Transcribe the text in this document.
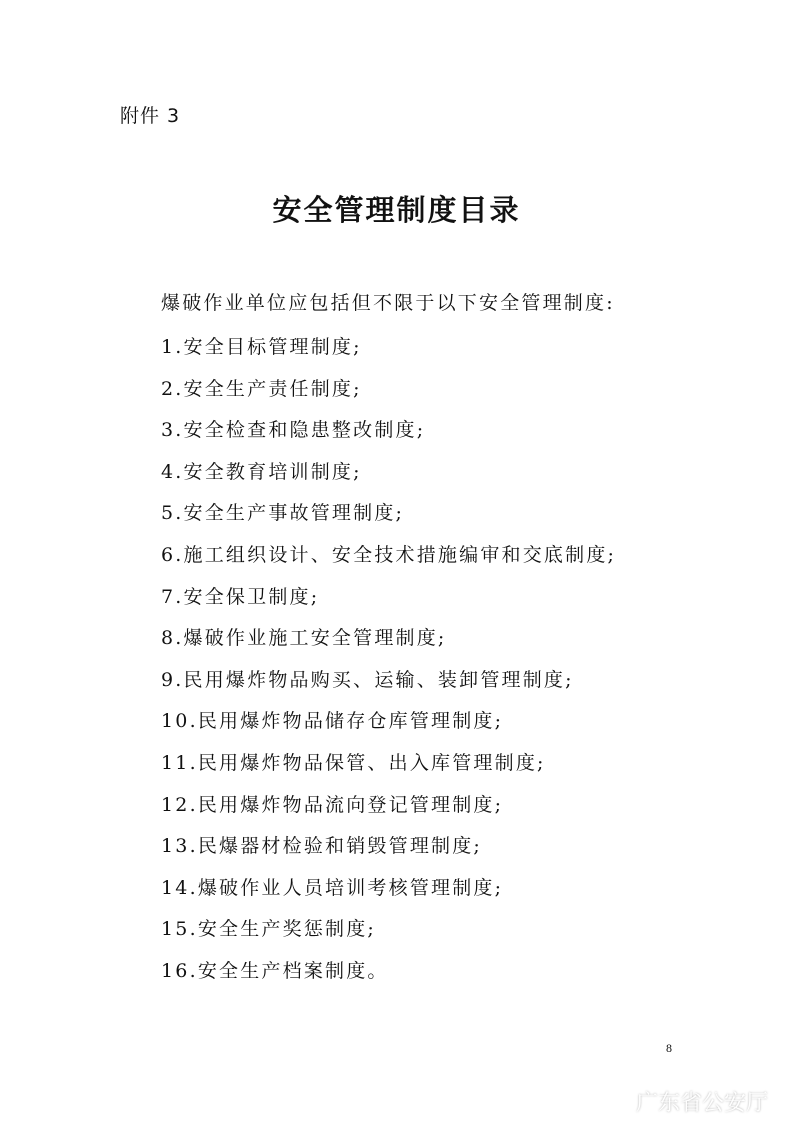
附件 3
安全管理制度目录
爆破作业单位应包括但不限于以下安全管理制度:
1.安全目标管理制度;
2.安全生产责任制度;
3.安全检查和隐患整改制度;
4.安全教育培训制度;
5.安全生产事故管理制度;
6.施工组织设计、安全技术措施编审和交底制度;
7.安全保卫制度;
8.爆破作业施工安全管理制度;
9.民用爆炸物品购买、运输、装卸管理制度;
10.民用爆炸物品储存仓库管理制度;
11.民用爆炸物品保管、出入库管理制度;
12.民用爆炸物品流向登记管理制度;
13.民爆器材检验和销毁管理制度;
14.爆破作业人员培训考核管理制度;
15.安全生产奖惩制度;
16.安全生产档案制度。
8
广东省公安厅
